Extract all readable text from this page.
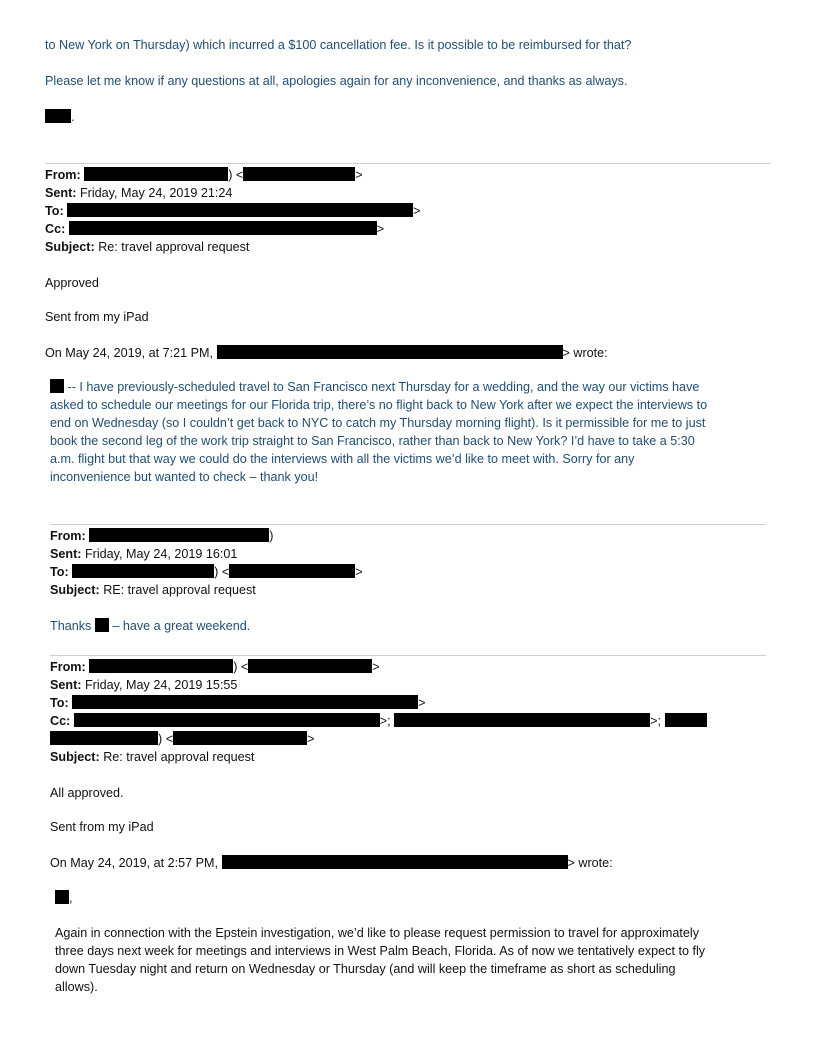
to New York on Thursday) which incurred a $100 cancellation fee. Is it possible to be reimbursed for that?
Please let me know if any questions at all, apologies again for any inconvenience, and thanks as always.
.
From:	) <	>
Sent: Friday, May 24, 2019 21:24
To:	>
Cc:	>
Subject: Re: travel approval request
Approved
Sent from my iPad
On May 24, 2019, at 7:21 PM,	> wrote:
-- I have previously-scheduled travel to San Francisco next Thursday for a wedding, and the way our victims have
asked to schedule our meetings for our Florida trip, there’s no flight back to New York after we expect the interviews to
end on Wednesday (so I couldn’t get back to NYC to catch my Thursday morning flight). Is it permissible for me to just
book the second leg of the work trip straight to San Francisco, rather than back to New York? I’d have to take a 5:30
a.m. flight but that way we could do the interviews with all the victims we’d like to meet with. Sorry for any
inconvenience but wanted to check – thank you!
From:	)
Sent: Friday, May 24, 2019 16:01
To:	) <	>
Subject: RE: travel approval request
Thanks – have a great weekend.
From:	) <	>
Sent: Friday, May 24, 2019 15:55
To:	>
Cc:	>;	>;
) <	>
Subject: Re: travel approval request
All approved.
Sent from my iPad
On May 24, 2019, at 2:57 PM,	> wrote:
,
Again in connection with the Epstein investigation, we’d like to please request permission to travel for approximately
three days next week for meetings and interviews in West Palm Beach, Florida. As of now we tentatively expect to fly
down Tuesday night and return on Wednesday or Thursday (and will keep the timeframe as short as scheduling
allows).
